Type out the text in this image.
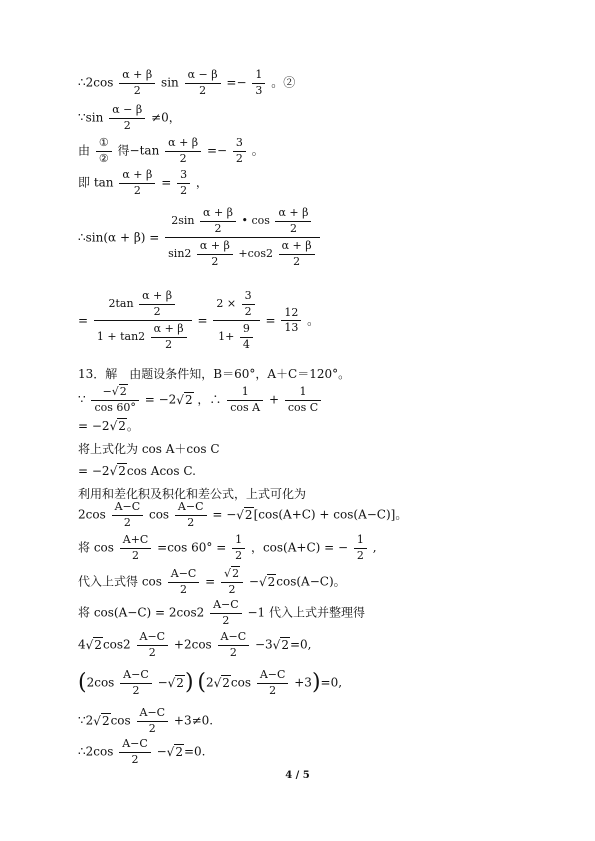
∴2cos $\frac{\alpha + \beta}{2}$ $\sin \frac{\alpha - \beta}{2} =- \frac{1}{3}$ 。②
∵sin $\frac{\alpha - \beta}{2} \ne 0$，
由 $\frac{\text{①}}{\text{②}}$ 得$-\tan \frac{\alpha + \beta}{2} =- \frac{3}{2}$ 。
即 $\tan \frac{\alpha + \beta}{2} = \frac{3}{2}$ ，
∴sin(α + $\beta) = \frac{2\sin \frac{\alpha + \beta}{2} • \cos \frac{\alpha + \beta}{2}}{\sin 2 \frac{\alpha + \beta}{2} +\cos 2 \frac{\alpha + \beta}{2}}$
= $\frac{2\tan \frac{\alpha + \beta}{2}}{1 + \tan 2 \frac{\alpha + \beta}{2}} = \frac{2 \times \frac{3}{2}}{1+ \frac{9}{4}} = \frac{12}{13}$ 。
13．解　由题设条件知，B＝60°，A＋C＝120°。
∵ $\frac{-√ 2}{\cos 60^\circ} = -2√$ 2 ，∴ $\frac{1}{\text{cos A}} + \frac{1}{\text{cos C}}$
= −2√ 2。
将上式化为 cos A＋cos C
= −2√ 2cos Acos C.
利用和差化积及积化和差公式，上式可化为
$2\cos \frac{A-C}{2}$ $\cos \frac{A-C}{2}$ = −√ 2[cos(A+C) + cos(A−C)]。
将 $\cos \frac{A+C}{2} =\cos$ $60^\circ = \frac{1}{2}$ ，cos(A+C) = − $\frac{1}{2}$ ,
代入上式得 $\cos \frac{A-C}{2}$ =
√ $\frac{2}{2}$ −√ 2cos(A−C)。
将 $\cos(A-C) = 2\cos 2 \frac{A-C}{2} -1$ 代入上式并整理得
4√ $2\cos 2 \frac{A-C}{2} +2\cos \frac{A-C}{2} -3√$ 2=0,
($2\cos \frac{A-C}{2}$ −√ 2) (2√ $2\cos \frac{A-C}{2} +3)=0$,
∵2√ $2\cos \frac{A-C}{2} +3\ne 0$.
∴2cos $\frac{A-C}{2}$ −√ 2=0.
4 / 5
